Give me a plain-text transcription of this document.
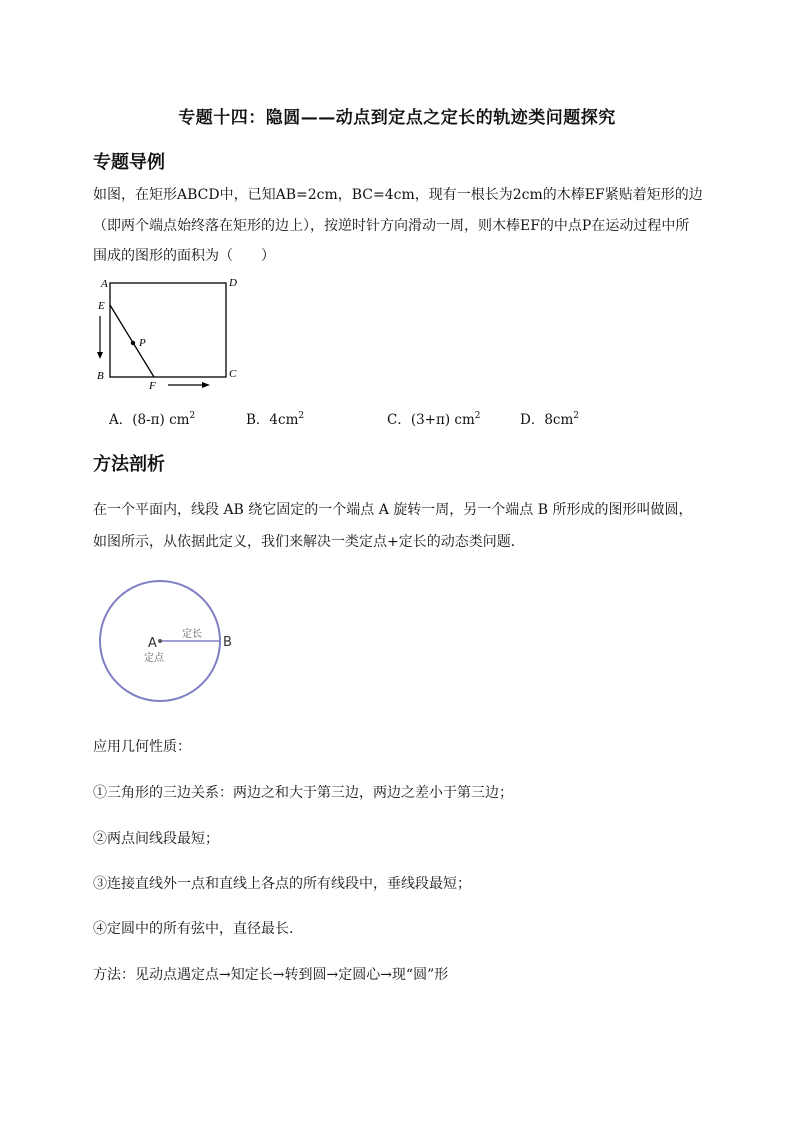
专题十四：隐圆——动点到定点之定长的轨迹类问题探究
专题导例
如图，在矩形ABCD中，已知AB=2cm，BC=4cm，现有一根长为2cm的木棒EF紧贴着矩形的边
（即两个端点始终落在矩形的边上），按逆时针方向滑动一周，则木棒EF的中点P在运动过程中所
围成的图形的面积为（　　）
A
E
D
B	C
F
P
A．(8-π) $cm^2$	B．$4cm^2$	C．(3+π) $cm^2$	D．$8cm^2$
方法剖析
在一个平面内，线段 AB 绕它固定的一个端点 A 旋转一周，另一个端点 B 所形成的图形叫做圆，
如图所示，从依据此定义，我们来解决一类定点+定长的动态类问题．
A	B
定长
定点
应用几何性质：
①三角形的三边关系：两边之和大于第三边，两边之差小于第三边；
②两点间线段最短；
③连接直线外一点和直线上各点的所有线段中，垂线段最短；
④定圆中的所有弦中，直径最长．
方法：见动点遇定点→知定长→转到圆→定圆心→现“圆”形
